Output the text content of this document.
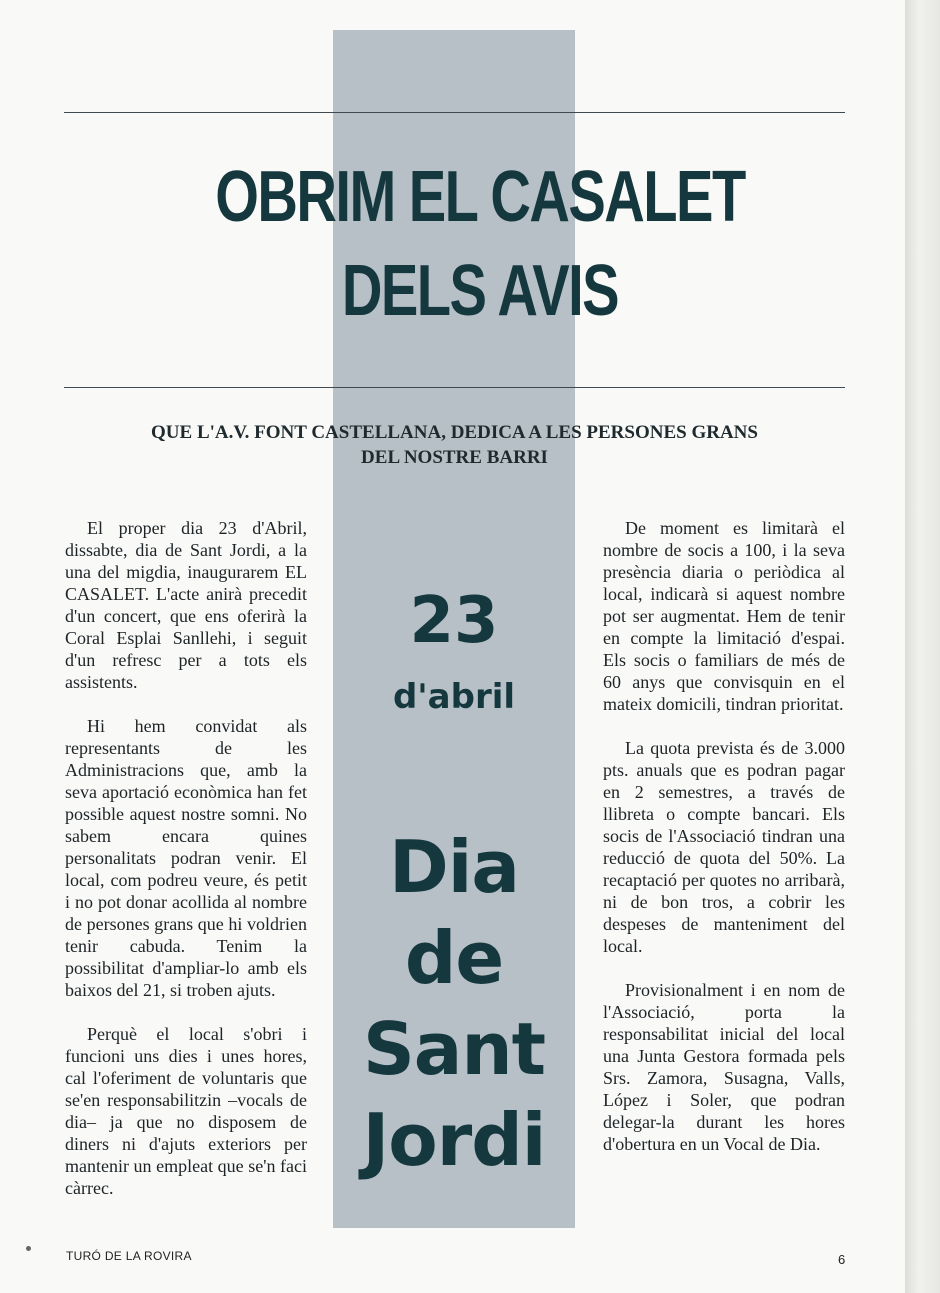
OBRIM EL CASALET
DELS AVIS
QUE L'A.V. FONT CASTELLANA, DEDICA A LES PERSONES GRANS
DEL NOSTRE BARRI

El proper dia 23 d'Abril, dissabte, dia de Sant Jordi, a la una del migdia, inaugurarem EL CASALET. L'acte anirà precedit d'un concert, que ens oferirà la Coral Esplai Sanllehi, i seguit d'un refresc per a tots els assistents.

Hi hem convidat als representants de les Administracions que, amb la seva aportació econòmica han fet possible aquest nostre somni. No sabem encara quines personalitats podran venir. El local, com podreu veure, és petit i no pot donar acollida al nombre de persones grans que hi voldrien tenir cabuda. Tenim la possibilitat d'ampliar-lo amb els baixos del 21, si troben ajuts.

Perquè el local s'obri i funcioni uns dies i unes hores, cal l'oferiment de voluntaris que se'en responsabilitzin –vocals de dia– ja que no disposem de diners ni d'ajuts exteriors per mantenir un empleat que se'n faci càrrec.

23
d'abril
Dia
de
Sant
Jordi

De moment es limitarà el nombre de socis a 100, i la seva presència diaria o periòdica al local, indicarà si aquest nombre pot ser augmentat. Hem de tenir en compte la limitació d'espai. Els socis o familiars de més de 60 anys que convisquin en el mateix domicili, tindran prioritat.

La quota prevista és de 3.000 pts. anuals que es podran pagar en 2 semestres, a través de llibreta o compte bancari. Els socis de l'Associació tindran una reducció de quota del 50%. La recaptació per quotes no arribarà, ni de bon tros, a cobrir les despeses de manteniment del local.

Provisionalment i en nom de l'Associació, porta la responsabilitat inicial del local una Junta Gestora formada pels Srs. Zamora, Susagna, Valls, López i Soler, que podran delegar-la durant les hores d'obertura en un Vocal de Dia.

TURÓ DE LA ROVIRA	6
